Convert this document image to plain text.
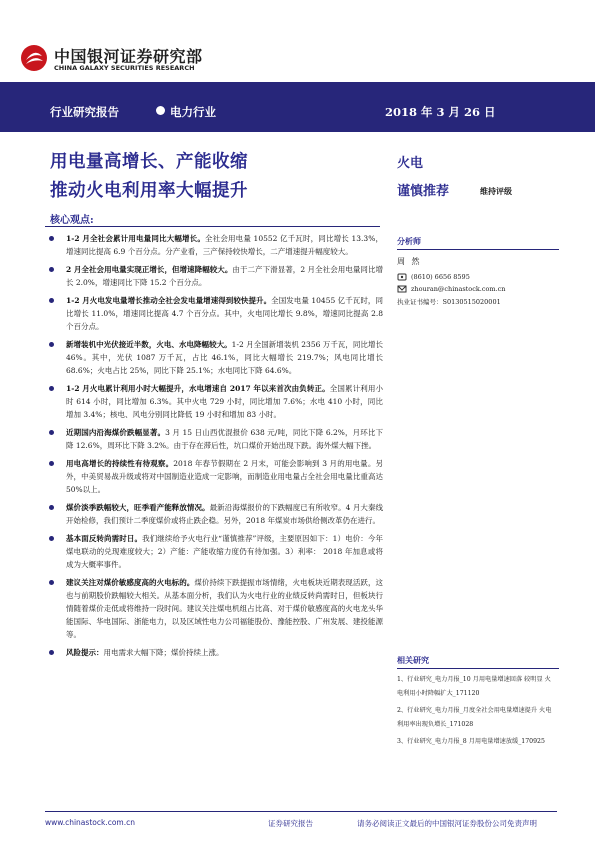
中国银河证券研究部
CHINA GALAXY SECURITIES RESEARCH
行业研究报告	电力行业	2018 年 3 月 26 日
用电量高增长、产能收缩
推动火电利用率大幅提升
火电
谨慎推荐	维持评级
核心观点:
1-2 月全社会累计用电量同比大幅增长。全社会用电量 10552 亿千瓦时，同比增长 13.3%，增速同比提高 6.9 个百分点。分产业看，三产保持较快增长，二产增速提升幅度较大。
2 月全社会用电量实现正增长，但增速降幅较大。由于二产下滑显著，2 月全社会用电量同比增长 2.0%，增速同比下降 15.2 个百分点。
1-2 月火电发电量增长推动全社会发电量增速得到较快提升。全国发电量 10455 亿千瓦时，同比增长 11.0%，增速同比提高 4.7 个百分点。其中，火电同比增长 9.8%，增速同比提高 2.8 个百分点。
新增装机中光伏接近半数，火电、水电降幅较大。1-2 月全国新增装机 2356 万千瓦，同比增长 46%。其中，光伏 1087 万千瓦，占比 46.1%，同比大幅增长 219.7%；风电同比增长 68.6%；火电占比 25%，同比下降 25.1%；水电同比下降 64.6%。
1-2 月火电累计利用小时大幅提升，水电增速自 2017 年以来首次由负转正。全国累计利用小时 614 小时，同比增加 6.3%。其中火电 729 小时，同比增加 7.6%；水电 410 小时，同比增加 3.4%；核电、风电分别同比降低 19 小时和增加 83 小时。
近期国内沿海煤价跌幅显著。3 月 15 日山西优混报价 638 元/吨，同比下降 6.2%，月环比下降 12.6%，周环比下降 3.2%。由于存在滞后性，坑口煤价开始出现下跌。海外煤大幅下挫。
用电高增长的持续性有待观察。2018 年春节假期在 2 月末，可能会影响到 3 月的用电量。另外，中美贸易战升级或将对中国制造业造成一定影响，而制造业用电量占全社会用电量比重高达 50%以上。
煤价淡季跌幅较大，旺季看产能释放情况。最新沿海煤报价的下跌幅度已有所收窄。4 月大秦线开始检修，我们预计二季度煤价或将止跌企稳。另外，2018 年煤炭市场供给侧改革仍在进行。
基本面反转尚需时日。我们继续给予火电行业“谨慎推荐”评级，主要原因如下：1）电价：今年煤电联动的兑现难度较大；2）产能：产能收缩力度仍有待加强。3）利率： 2018 年加息或将成为大概率事件。
建议关注对煤价敏感度高的火电标的。煤价持续下跌提振市场情绪，火电板块近期表现活跃，这也与前期股价跌幅较大相关。从基本面分析，我们认为火电行业的业绩反转尚需时日，但板块行情随着煤价走低或将维持一段时间。建议关注煤电机组占比高、对于煤价敏感度高的火电龙头华能国际、华电国际、浙能电力，以及区域性电力公司福能股份、豫能控股、广州发展、建投能源等。
风险提示：用电需求大幅下降；煤价持续上涨。
分析师
周 然
(8610) 6656 8595
zhouran@chinastock.com.cn
执业证书编号：S0130515020001
相关研究
1、行业研究_电力月报_10 月用电量增速回落 较明显 火电利用小时降幅扩大_171120
2、行业研究_电力月报_月度全社会用电量增速提升 火电利用率出现负增长_171028
3、行业研究_电力月报_8 月用电量增速放缓_170925
www.chinastock.com.cn	证券研究报告	请务必阅读正文最后的中国银河证券股份公司免责声明
